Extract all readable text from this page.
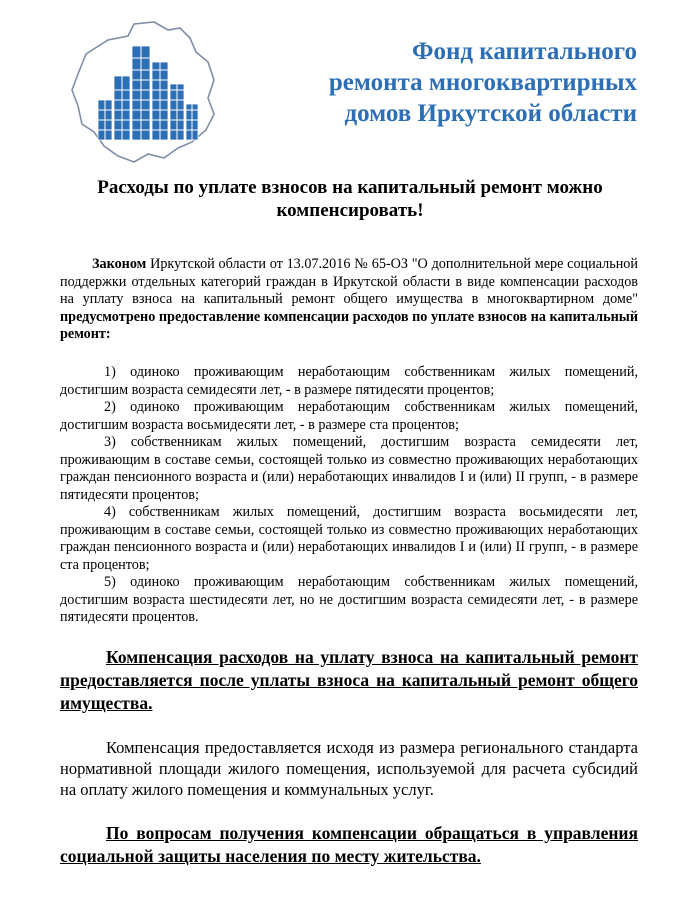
Фонд капитального
ремонта многоквартирных
домов Иркутской области
Расходы по уплате взносов на капитальный ремонт можно компенсировать!

Законом Иркутской области от 13.07.2016 № 65-ОЗ "О дополнительной мере социальной поддержки отдельных категорий граждан в Иркутской области в виде компенсации расходов на уплату взноса на капитальный ремонт общего имущества в многоквартирном доме" предусмотрено предоставление компенсации расходов по уплате взносов на капитальный ремонт:

1) одиноко проживающим неработающим собственникам жилых помещений, достигшим возраста семидесяти лет, - в размере пятидесяти процентов;

2) одиноко проживающим неработающим собственникам жилых помещений, достигшим возраста восьмидесяти лет, - в размере ста процентов;

3) собственникам жилых помещений, достигшим возраста семидесяти лет, проживающим в составе семьи, состоящей только из совместно проживающих неработающих граждан пенсионного возраста и (или) неработающих инвалидов I и (или) II групп, - в размере пятидесяти процентов;

4) собственникам жилых помещений, достигшим возраста восьмидесяти лет, проживающим в составе семьи, состоящей только из совместно проживающих неработающих граждан пенсионного возраста и (или) неработающих инвалидов I и (или) II групп, - в размере ста процентов;

5) одиноко проживающим неработающим собственникам жилых помещений, достигшим возраста шестидесяти лет, но не достигшим возраста семидесяти лет, - в размере пятидесяти процентов.

Компенсация расходов на уплату взноса на капитальный ремонт предоставляется после уплаты взноса на капитальный ремонт общего имущества.
Компенсация предоставляется исходя из размера регионального стандарта нормативной площади жилого помещения, используемой для расчета субсидий на оплату жилого помещения и коммунальных услуг.
По вопросам получения компенсации обращаться в управления социальной защиты населения по месту жительства.
